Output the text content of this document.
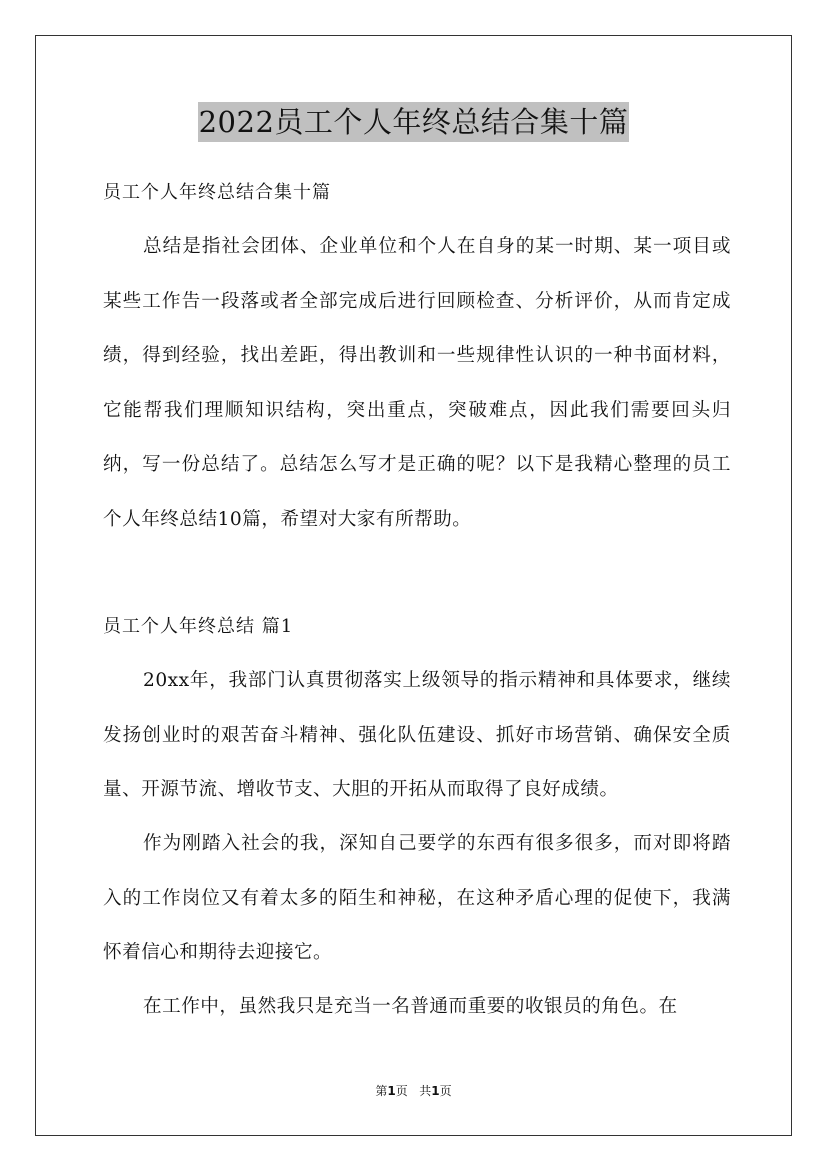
2022员工个人年终总结合集十篇
员工个人年终总结合集十篇

总结是指社会团体、企业单位和个人在自身的某一时期、某一项目或某些工作告一段落或者全部完成后进行回顾检查、分析评价，从而肯定成绩，得到经验，找出差距，得出教训和一些规律性认识的一种书面材料，它能帮我们理顺知识结构，突出重点，突破难点，因此我们需要回头归纳，写一份总结了。总结怎么写才是正确的呢？以下是我精心整理的员工个人年终总结10篇，希望对大家有所帮助。

员工个人年终总结 篇1

20xx年，我部门认真贯彻落实上级领导的指示精神和具体要求，继续发扬创业时的艰苦奋斗精神、强化队伍建设、抓好市场营销、确保安全质量、开源节流、增收节支、大胆的开拓从而取得了良好成绩。

作为刚踏入社会的我，深知自己要学的东西有很多很多，而对即将踏入的工作岗位又有着太多的陌生和神秘，在这种矛盾心理的促使下，我满怀着信心和期待去迎接它。

在工作中，虽然我只是充当一名普通而重要的收银员的角色。在

第1页 共1页
